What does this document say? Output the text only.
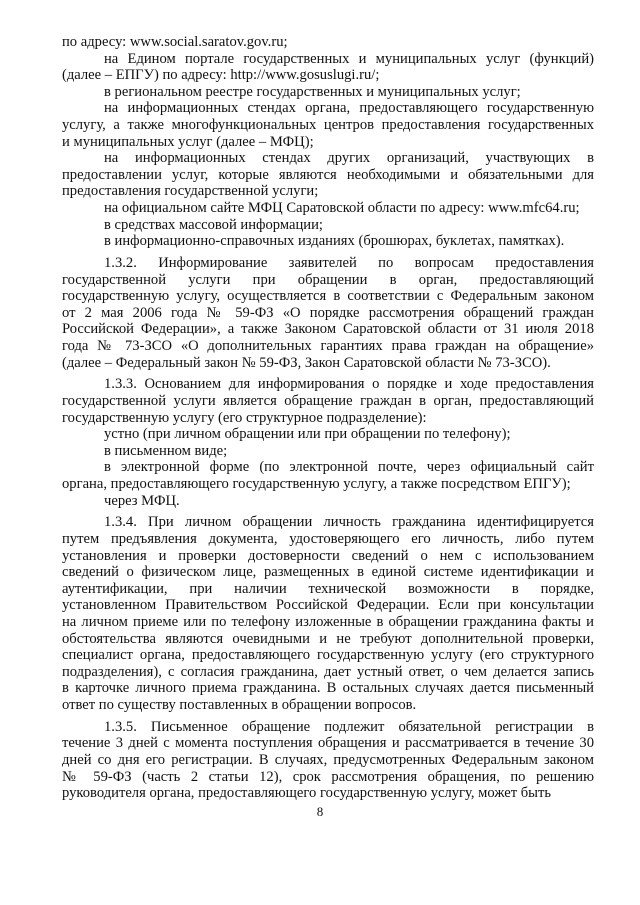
по адресу: www.social.saratov.gov.ru;
на Едином портале государственных и муниципальных услуг (функций)
(далее – ЕПГУ) по адресу: http://www.gosuslugi.ru/;
в региональном реестре государственных и муниципальных услуг;
на информационных стендах органа, предоставляющего государственную
услугу, а также многофункциональных центров предоставления государственных
и муниципальных услуг (далее – МФЦ);
на информационных стендах других организаций, участвующих в
предоставлении услуг, которые являются необходимыми и обязательными для
предоставления государственной услуги;
на официальном сайте МФЦ Саратовской области по адресу: www.mfc64.ru;
в средствах массовой информации;
в информационно-справочных изданиях (брошюрах, буклетах, памятках).
1.3.2. Информирование заявителей по вопросам предоставления
государственной услуги при обращении в орган, предоставляющий
государственную услугу, осуществляется в соответствии с Федеральным законом
от 2 мая 2006 года № 59-ФЗ «О порядке рассмотрения обращений граждан
Российской Федерации», а также Законом Саратовской области от 31 июля 2018
года № 73-ЗСО «О дополнительных гарантиях права граждан на обращение»
(далее – Федеральный закон № 59-ФЗ, Закон Саратовской области № 73-ЗСО).
1.3.3. Основанием для информирования о порядке и ходе предоставления
государственной услуги является обращение граждан в орган, предоставляющий
государственную услугу (его структурное подразделение):
устно (при личном обращении или при обращении по телефону);
в письменном виде;
в электронной форме (по электронной почте, через официальный сайт
органа, предоставляющего государственную услугу, а также посредством ЕПГУ);
через МФЦ.
1.3.4. При личном обращении личность гражданина идентифицируется
путем предъявления документа, удостоверяющего его личность, либо путем
установления и проверки достоверности сведений о нем с использованием
сведений о физическом лице, размещенных в единой системе идентификации и
аутентификации, при наличии технической возможности в порядке,
установленном Правительством Российской Федерации. Если при консультации
на личном приеме или по телефону изложенные в обращении гражданина факты и
обстоятельства являются очевидными и не требуют дополнительной проверки,
специалист органа, предоставляющего государственную услугу (его структурного
подразделения), с согласия гражданина, дает устный ответ, о чем делается запись
в карточке личного приема гражданина. В остальных случаях дается письменный
ответ по существу поставленных в обращении вопросов.
1.3.5. Письменное обращение подлежит обязательной регистрации в
течение 3 дней с момента поступления обращения и рассматривается в течение 30
дней со дня его регистрации. В случаях, предусмотренных Федеральным законом
№ 59-ФЗ (часть 2 статьи 12), срок рассмотрения обращения, по решению
руководителя органа, предоставляющего государственную услугу, может быть
8
